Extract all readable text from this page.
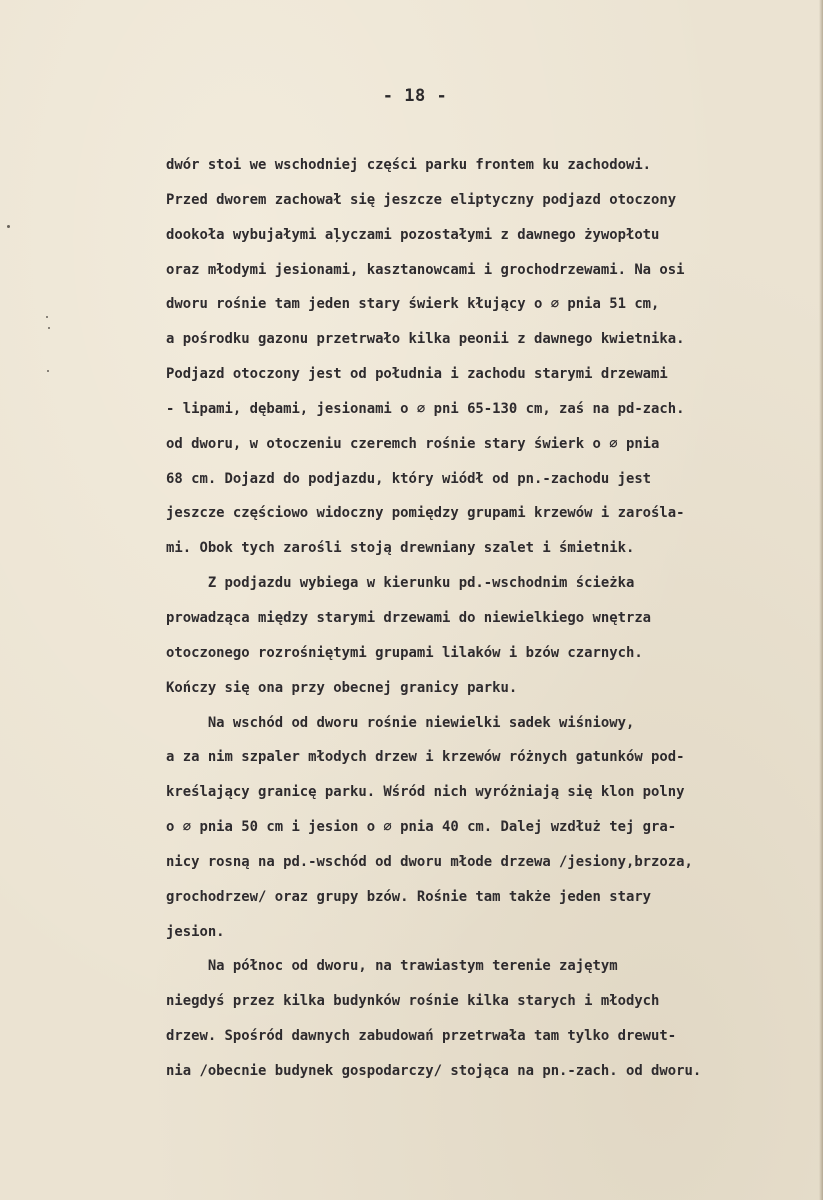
- 18 -
dwór stoi we wschodniej części parku frontem ku zachodowi.
Przed dworem zachował się jeszcze eliptyczny podjazd otoczony
dookoła wybujałymi aļyczami pozostałymi z dawnego żywopłotu
oraz młodymi jesionami, kasztanowcami i grochodrzewami. Na osi
dworu rośnie tam jeden stary świerk kłujący o ∅ pnia 51 cm,
a pośrodku gazonu przetrwało kilka peonii z dawnego kwietnika.
Podjazd otoczony jest od południa i zachodu starymi drzewami
- lipami, dębami, jesionami o ∅ pni 65-130 cm, zaś na pd-zach.
od dworu, w otoczeniu czeremch rośnie stary świerk o ∅ pnia
68 cm. Dojazd do podjazdu, który wiódł od pn.-zachodu jest
jeszcze częściowo widoczny pomiędzy grupami krzewów i zarośla-
mi. Obok tych zarośli stoją drewniany szalet i śmietnik.
Z podjazdu wybiega w kierunku pd.-wschodnim ścieżka
prowadząca między starymi drzewami do niewielkiego wnętrza
otoczonego rozrośniętymi grupami lilaków i bzów czarnych.
Kończy się ona przy obecnej granicy parku.
Na wschód od dworu rośnie niewielki sadek wiśniowy,
a za nim szpaler młodych drzew i krzewów różnych gatunków pod-
kreślający granicę parku. Wśród nich wyróżniają się klon polny
o ∅ pnia 50 cm i jesion o ∅ pnia 40 cm. Dalej wzdłuż tej gra-
nicy rosną na pd.-wschód od dworu młode drzewa /jesiony,brzoza,
grochodrzew/ oraz grupy bzów. Rośnie tam także jeden stary
jesion.
Na północ od dworu, na trawiastym terenie zajętym
niegdyś przez kilka budynków rośnie kilka starych i młodych
drzew. Spośród dawnych zabudowań przetrwała tam tylko drewut-
nia /obecnie budynek gospodarczy/ stojąca na pn.-zach. od dworu.
